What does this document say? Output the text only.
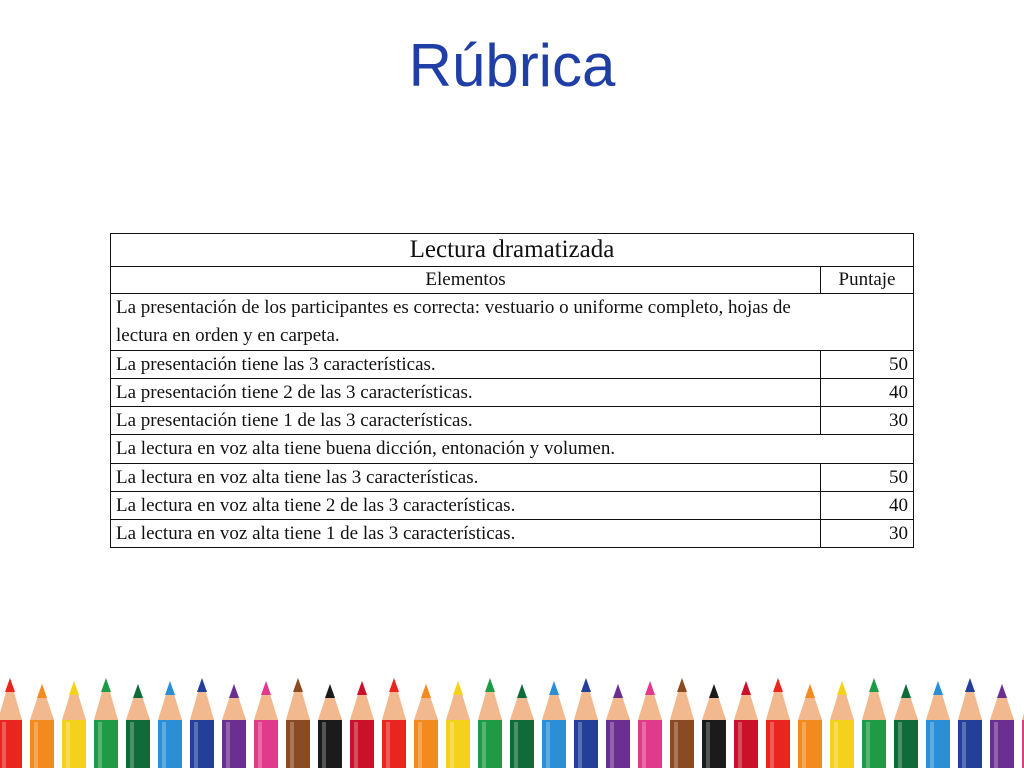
Rúbrica
Lectura dramatizada	
Elementos	Puntaje
La presentación de los participantes es correcta: vestuario o uniforme completo, hojas de lectura en orden y en carpeta.	
La presentación tiene las 3 características.	50
La presentación tiene 2 de las 3 características.	40
La presentación tiene 1 de las 3 características.	30
La lectura en voz alta tiene buena dicción, entonación y volumen.	
La lectura en voz alta tiene las 3 características.	50
La lectura en voz alta tiene 2 de las 3 características.	40
La lectura en voz alta tiene 1 de las 3 características.	30
